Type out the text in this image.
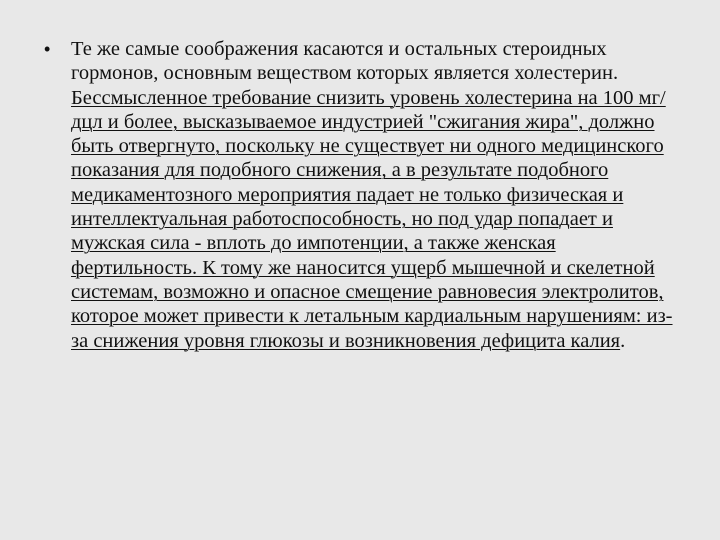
• Те же самые соображения касаются и остальных стероидных гормонов, основным веществом которых является холестерин. Бессмысленное требование снизить уровень холестерина на 100 мг/дцл и более, высказываемое индустрией "сжигания жира", должно быть отвергнуто, поскольку не существует ни одного медицинского показания для подобного снижения, а в результате подобного медикаментозного мероприятия падает не только физическая и интеллектуальная работоспособность, но под удар попадает и мужская сила - вплоть до импотенции, а также женская фертильность. К тому же наносится ущерб мышечной и скелетной системам, возможно и опасное смещение равновесия электролитов, которое может привести к летальным кардиальным нарушениям: из-за снижения уровня глюкозы и возникновения дефицита калия.
